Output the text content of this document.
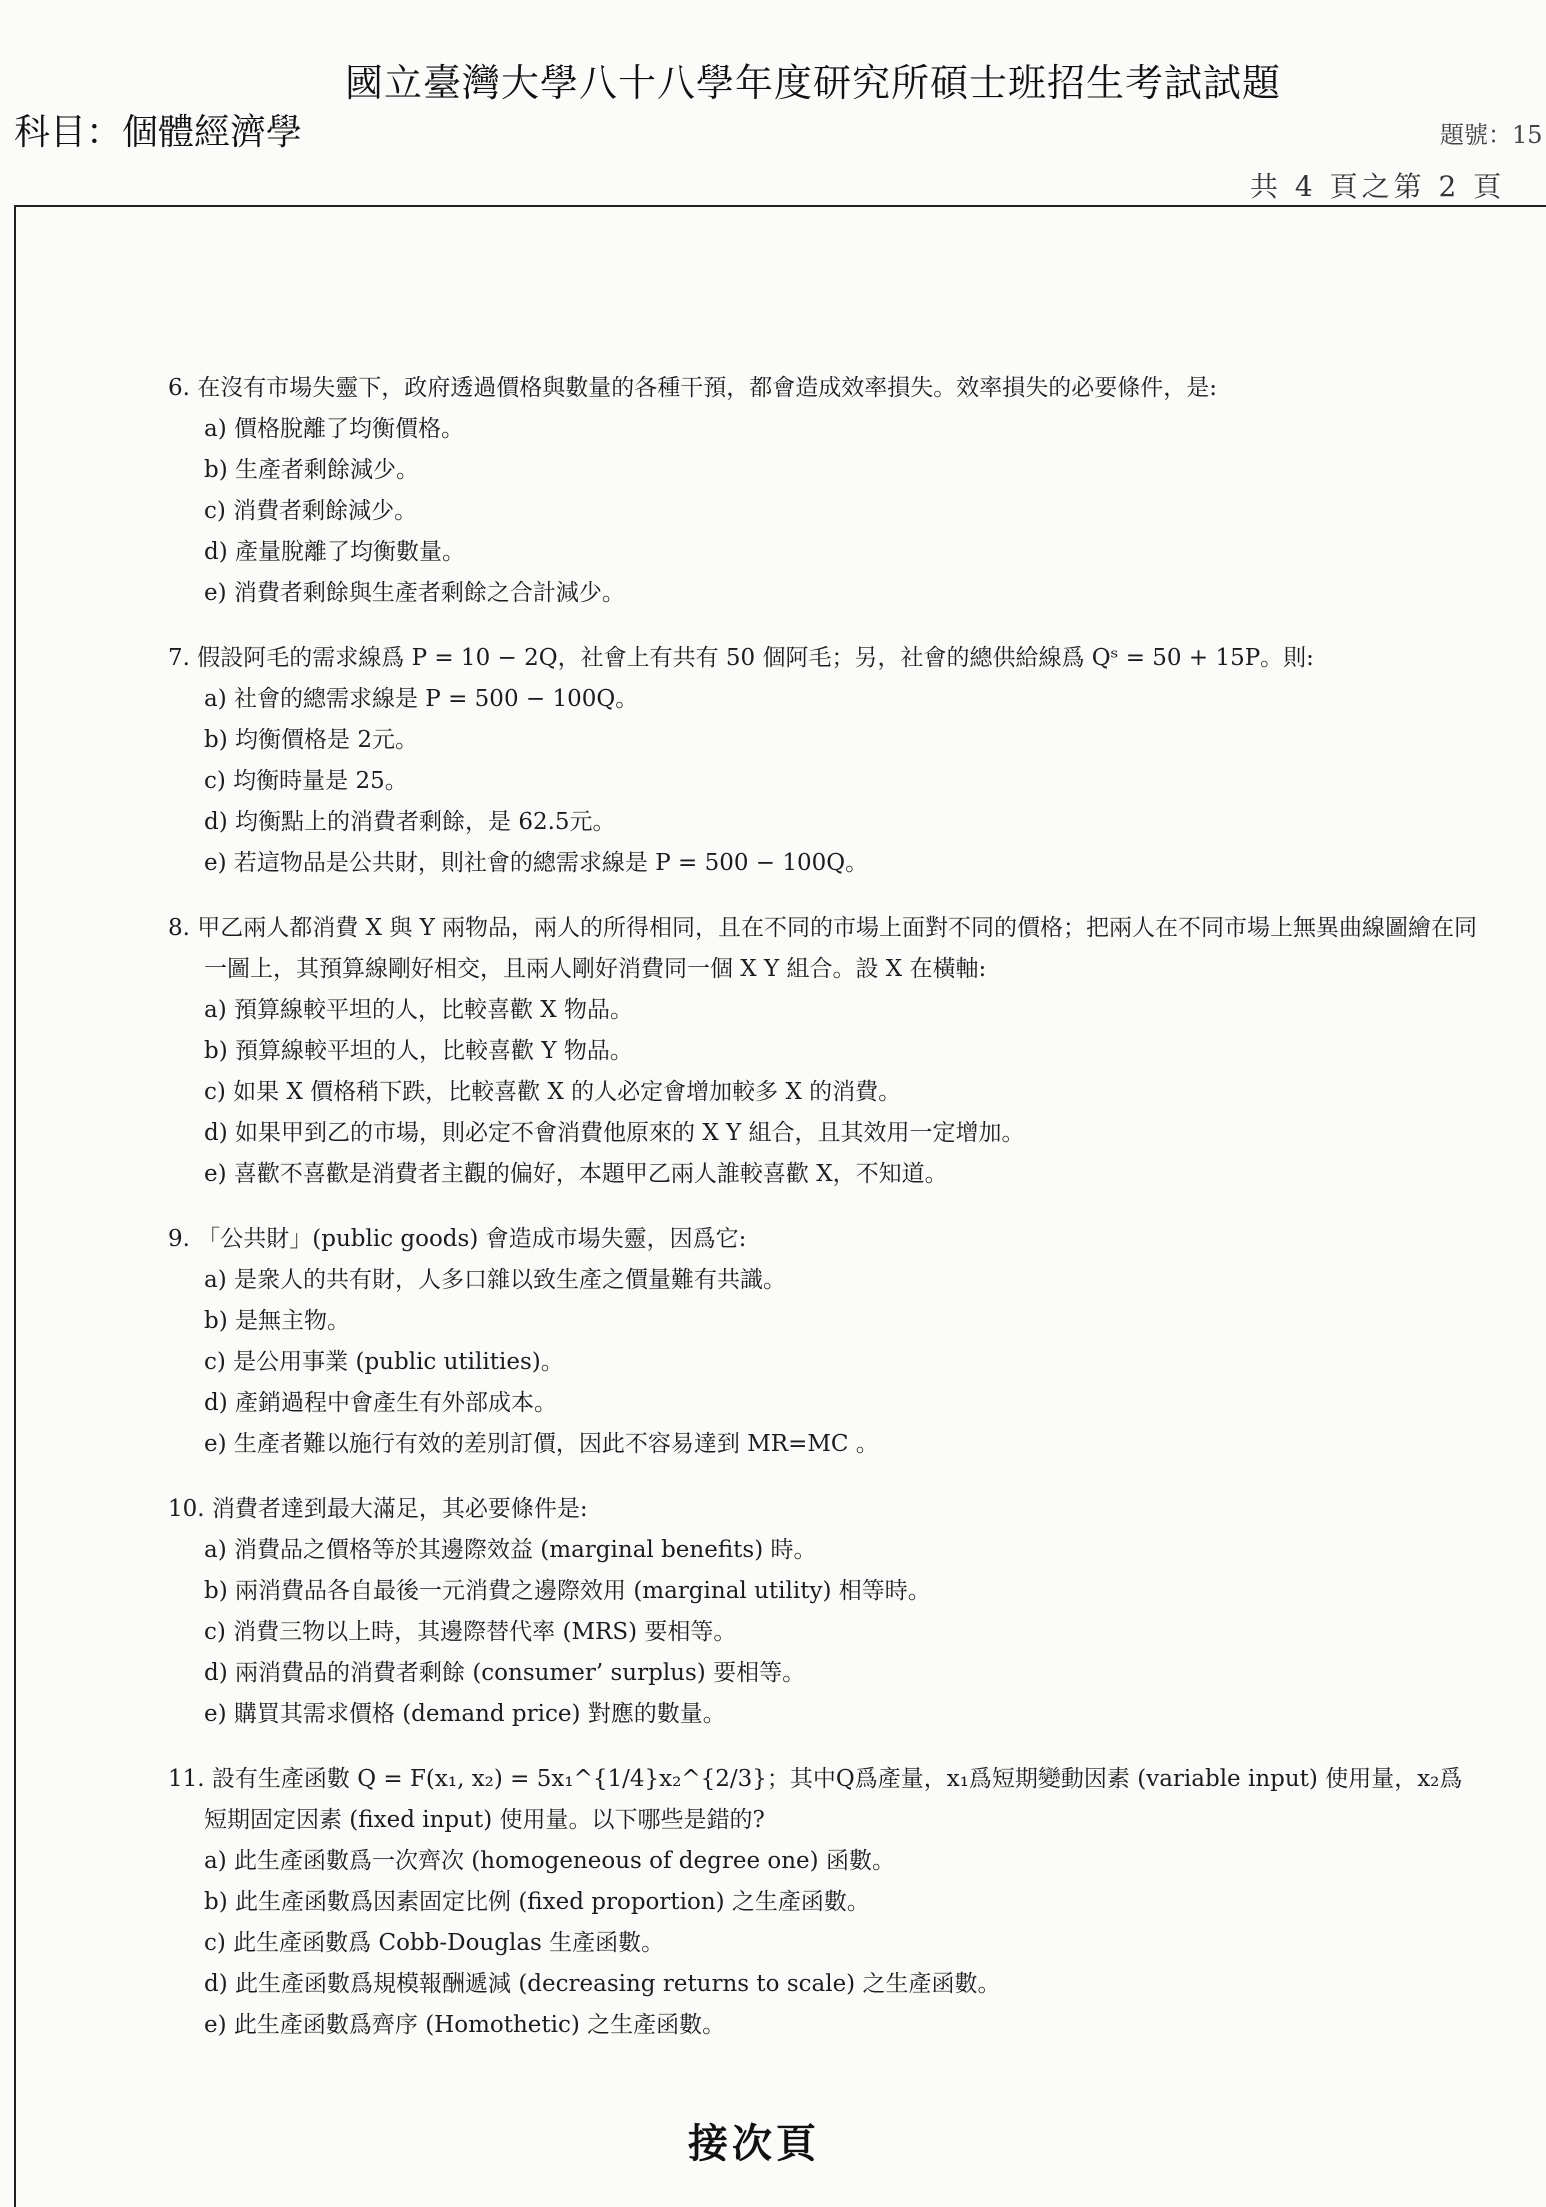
國立臺灣大學八十八學年度研究所碩士班招生考試試題
科目：個體經濟學	題號：15
共 4 頁之第 2 頁
6. 在沒有市場失靈下，政府透過價格與數量的各種干預，都會造成效率損失。效率損失的必要條件，是:
a) 價格脫離了均衡價格。
b) 生產者剩餘減少。
c) 消費者剩餘減少。
d) 產量脫離了均衡數量。
e) 消費者剩餘與生產者剩餘之合計減少。
7. 假設阿毛的需求線爲 P = 10 − 2Q，社會上有共有 50 個阿毛；另，社會的總供給線爲 Qˢ = 50 + 15P。則:
a) 社會的總需求線是 P = 500 − 100Q。
b) 均衡價格是 2元。
c) 均衡時量是 25。
d) 均衡點上的消費者剩餘，是 62.5元。
e) 若這物品是公共財，則社會的總需求線是 P = 500 − 100Q。
8. 甲乙兩人都消費 X 與 Y 兩物品，兩人的所得相同，且在不同的市場上面對不同的價格；把兩人在不同市場上無異曲線圖繪在同一圖上，其預算線剛好相交，且兩人剛好消費同一個 X Y 組合。設 X 在橫軸:
a) 預算線較平坦的人，比較喜歡 X 物品。
b) 預算線較平坦的人，比較喜歡 Y 物品。
c) 如果 X 價格稍下跌，比較喜歡 X 的人必定會增加較多 X 的消費。
d) 如果甲到乙的市場，則必定不會消費他原來的 X Y 組合，且其效用一定增加。
e) 喜歡不喜歡是消費者主觀的偏好，本題甲乙兩人誰較喜歡 X，不知道。
9. 「公共財」(public goods) 會造成市場失靈，因爲它:
a) 是衆人的共有財，人多口雜以致生產之價量難有共識。
b) 是無主物。
c) 是公用事業 (public utilities)。
d) 產銷過程中會產生有外部成本。
e) 生產者難以施行有效的差別訂價，因此不容易達到 MR=MC 。
10. 消費者達到最大滿足，其必要條件是:
a) 消費品之價格等於其邊際效益 (marginal benefits) 時。
b) 兩消費品各自最後一元消費之邊際效用 (marginal utility) 相等時。
c) 消費三物以上時，其邊際替代率 (MRS) 要相等。
d) 兩消費品的消費者剩餘 (consumer’ surplus) 要相等。
e) 購買其需求價格 (demand price) 對應的數量。
11. 設有生產函數 Q = F(x₁, x₂) = 5x₁^{1/4}x₂^{2/3}；其中Q爲產量，x₁爲短期變動因素 (variable input) 使用量，x₂爲短期固定因素 (fixed input) 使用量。以下哪些是錯的?
a) 此生產函數爲一次齊次 (homogeneous of degree one) 函數。
b) 此生產函數爲因素固定比例 (fixed proportion) 之生產函數。
c) 此生產函數爲 Cobb-Douglas 生產函數。
d) 此生產函數爲規模報酬遞減 (decreasing returns to scale) 之生產函數。
e) 此生產函數爲齊序 (Homothetic) 之生產函數。
接次頁
